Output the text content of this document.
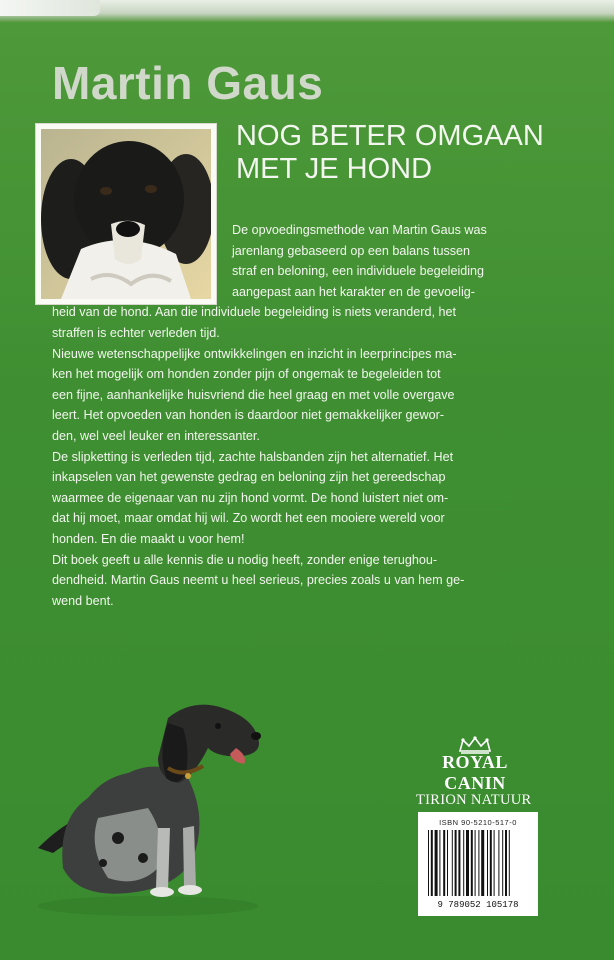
Martin Gaus
NOG BETER OMGAAN
MET JE HOND
De opvoedingsmethode van Martin Gaus was
jarenlang gebaseerd op een balans tussen
straf en beloning, een individuele begeleiding
aangepast aan het karakter en de gevoelig-
heid van de hond. Aan die individuele begeleiding is niets veranderd, het
straffen is echter verleden tijd.
Nieuwe wetenschappelijke ontwikkelingen en inzicht in leerprincipes ma-
ken het mogelijk om honden zonder pijn of ongemak te begeleiden tot
een fijne, aanhankelijke huisvriend die heel graag en met volle overgave
leert. Het opvoeden van honden is daardoor niet gemakkelijker gewor-
den, wel veel leuker en interessanter.
De slipketting is verleden tijd, zachte halsbanden zijn het alternatief. Het
inkapselen van het gewenste gedrag en beloning zijn het gereedschap
waarmee de eigenaar van nu zijn hond vormt. De hond luistert niet om-
dat hij moet, maar omdat hij wil. Zo wordt het een mooiere wereld voor
honden. En die maakt u voor hem!
Dit boek geeft u alle kennis die u nodig heeft, zonder enige terughou-
dendheid. Martin Gaus neemt u heel serieus, precies zoals u van hem ge-
wend bent.
ROYAL CANIN
TIRION NATUUR
ISBN 90-5210-517-0
9 789052 105178
